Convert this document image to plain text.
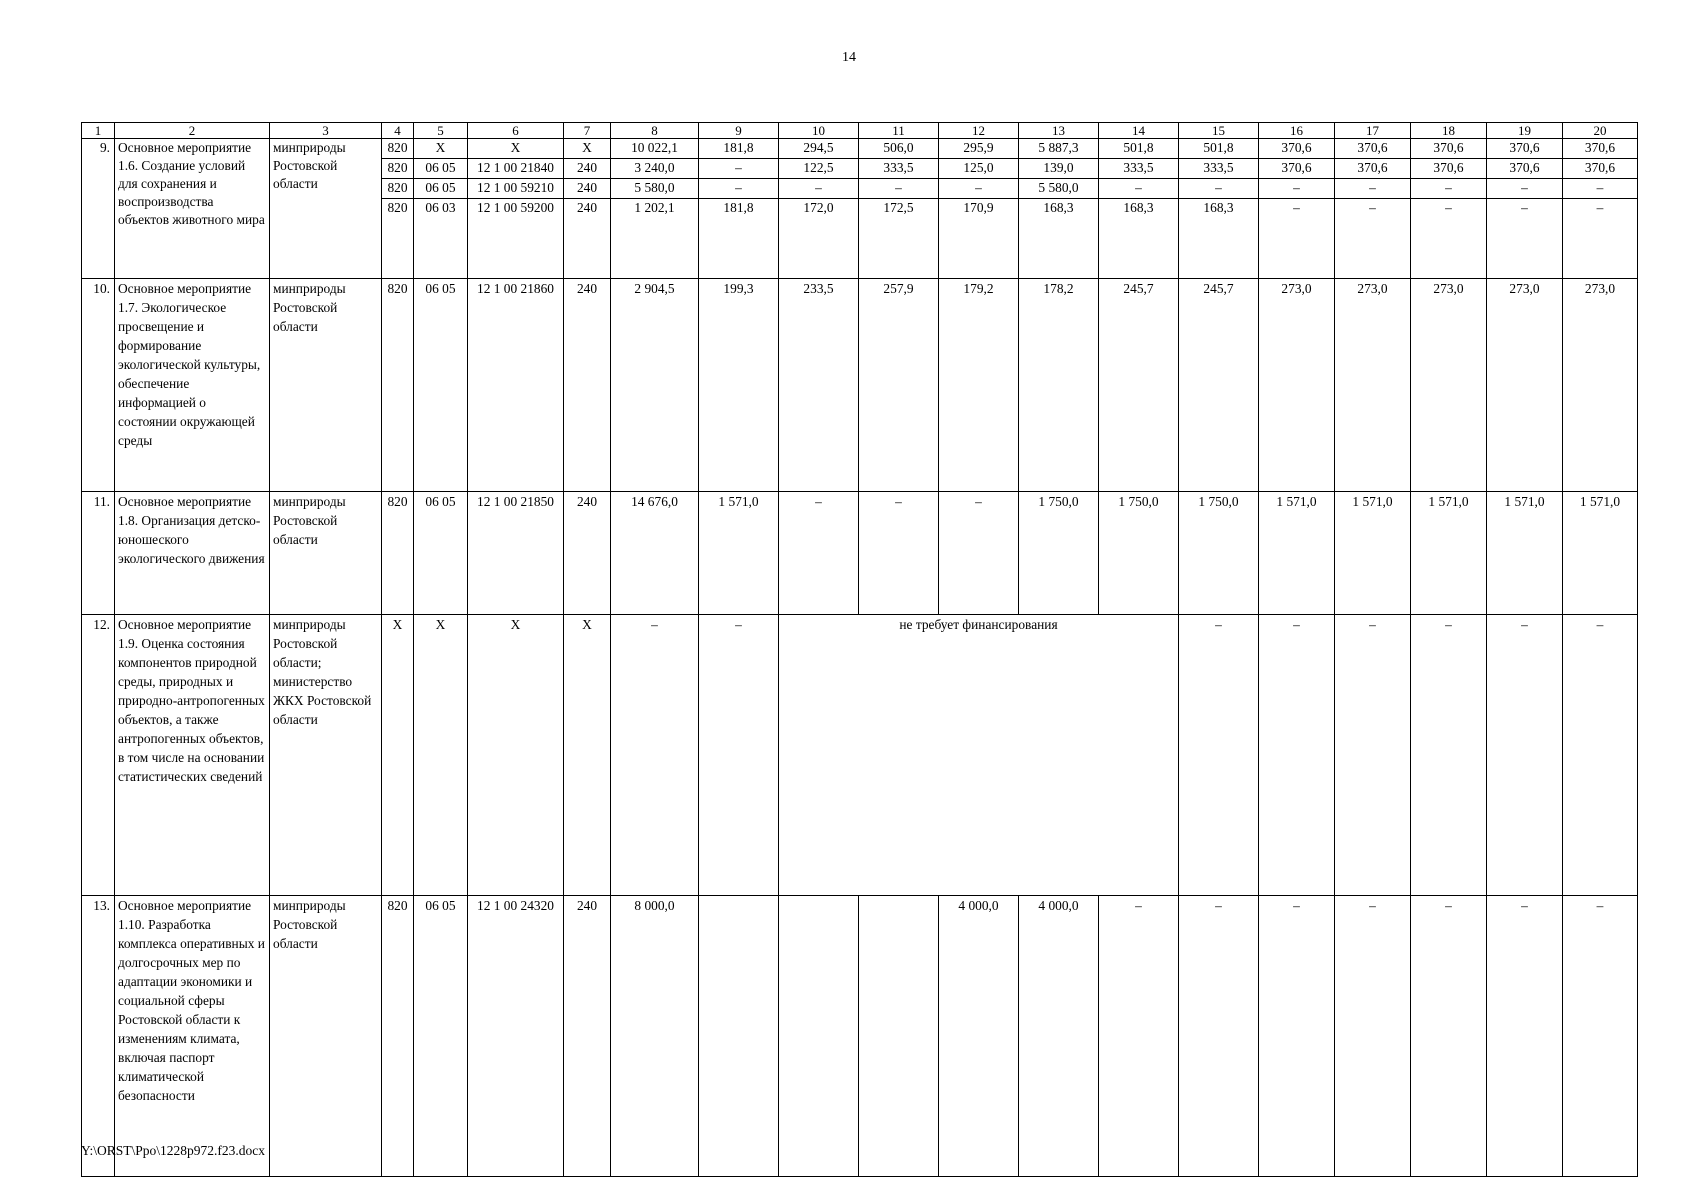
14
1	2	3	4	5	6	7	8	9	10	11	12	13	14	15	16	17	18	19	20
9.	Основное мероприятие 1.6. Создание условий для сохранения и воспроизводства объектов животного мира	минприроды Ростовской области	820	X	X	X	10 022,1	181,8	294,5	506,0	295,9	5 887,3	501,8	501,8	370,6	370,6	370,6	370,6	370,6
			820	06 05	12 1 00 21840	240	3 240,0	–	122,5	333,5	125,0	139,0	333,5	333,5	370,6	370,6	370,6	370,6	370,6
			820	06 05	12 1 00 59210	240	5 580,0	–	–	–	–	5 580,0	–	–	–	–	–	–	–
			820	06 03	12 1 00 59200	240	1 202,1	181,8	172,0	172,5	170,9	168,3	168,3	168,3	–	–	–	–	–
10.	Основное мероприятие 1.7. Экологическое просвещение и формирование экологической культуры, обеспечение информацией о состоянии окружающей среды	минприроды Ростовской области	820	06 05	12 1 00 21860	240	2 904,5	199,3	233,5	257,9	179,2	178,2	245,7	245,7	273,0	273,0	273,0	273,0	273,0
11.	Основное мероприятие 1.8. Организация детско-юношеского экологического движения	минприроды Ростовской области	820	06 05	12 1 00 21850	240	14 676,0	1 571,0	–	–	–	1 750,0	1 750,0	1 750,0	1 571,0	1 571,0	1 571,0	1 571,0	1 571,0
12.	Основное мероприятие 1.9. Оценка состояния компонентов природной среды, природных и природно-антропогенных объектов, а также антропогенных объектов, в том числе на основании статистических сведений	минприроды Ростовской области; министерство ЖКХ Ростовской области	X	X	X	X	–	–	не требует финансирования					–	–	–	–	–	–
13.	Основное мероприятие 1.10. Разработка комплекса оперативных и долгосрочных мер по адаптации экономики и социальной сферы Ростовской области к изменениям климата, включая паспорт климатической безопасности	минприроды Ростовской области	820	06 05	12 1 00 24320	240	8 000,0				4 000,0	4 000,0	–	–	–	–	–	–	–
Y:\ORST\Ppo\1228p972.f23.docx
